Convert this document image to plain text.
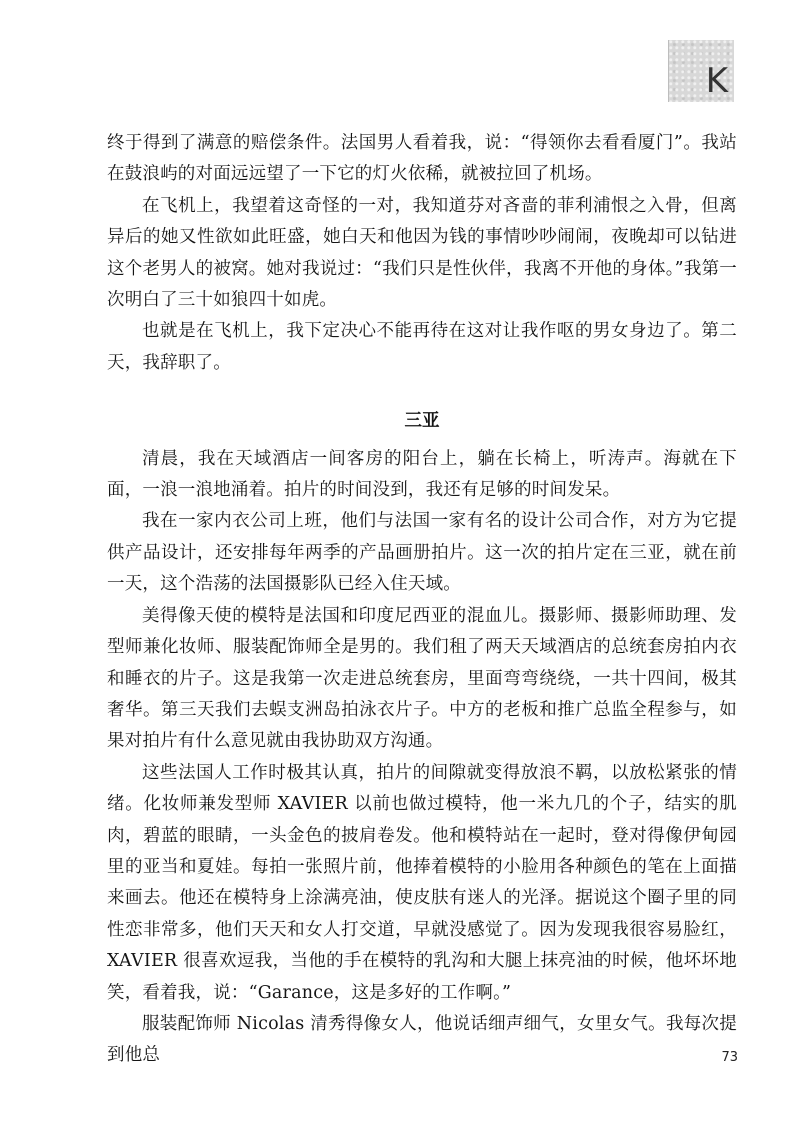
K

终于得到了满意的赔偿条件。法国男人看着我，说：“得领你去看看厦门”。我站在鼓浪屿的对面远远望了一下它的灯火依稀，就被拉回了机场。

在飞机上，我望着这奇怪的一对，我知道芬对吝啬的菲利浦恨之入骨，但离异后的她又性欲如此旺盛，她白天和他因为钱的事情吵吵闹闹，夜晚却可以钻进这个老男人的被窝。她对我说过：“我们只是性伙伴，我离不开他的身体。”我第一次明白了三十如狼四十如虎。

也就是在飞机上，我下定决心不能再待在这对让我作呕的男女身边了。第二天，我辞职了。

三亚

清晨，我在天域酒店一间客房的阳台上，躺在长椅上，听涛声。海就在下面，一浪一浪地涌着。拍片的时间没到，我还有足够的时间发呆。

我在一家内衣公司上班，他们与法国一家有名的设计公司合作，对方为它提供产品设计，还安排每年两季的产品画册拍片。这一次的拍片定在三亚，就在前一天，这个浩荡的法国摄影队已经入住天域。

美得像天使的模特是法国和印度尼西亚的混血儿。摄影师、摄影师助理、发型师兼化妆师、服装配饰师全是男的。我们租了两天天域酒店的总统套房拍内衣和睡衣的片子。这是我第一次走进总统套房，里面弯弯绕绕，一共十四间，极其奢华。第三天我们去蜈支洲岛拍泳衣片子。中方的老板和推广总监全程参与，如果对拍片有什么意见就由我协助双方沟通。

这些法国人工作时极其认真，拍片的间隙就变得放浪不羁，以放松紧张的情绪。化妆师兼发型师 XAVIER 以前也做过模特，他一米九几的个子，结实的肌肉，碧蓝的眼睛，一头金色的披肩卷发。他和模特站在一起时，登对得像伊甸园里的亚当和夏娃。每拍一张照片前，他捧着模特的小脸用各种颜色的笔在上面描来画去。他还在模特身上涂满亮油，使皮肤有迷人的光泽。据说这个圈子里的同性恋非常多，他们天天和女人打交道，早就没感觉了。因为发现我很容易脸红，XAVIER 很喜欢逗我，当他的手在模特的乳沟和大腿上抹亮油的时候，他坏坏地笑，看着我，说：“Garance，这是多好的工作啊。”

服装配饰师 Nicolas 清秀得像女人，他说话细声细气，女里女气。我每次提到他总	73
